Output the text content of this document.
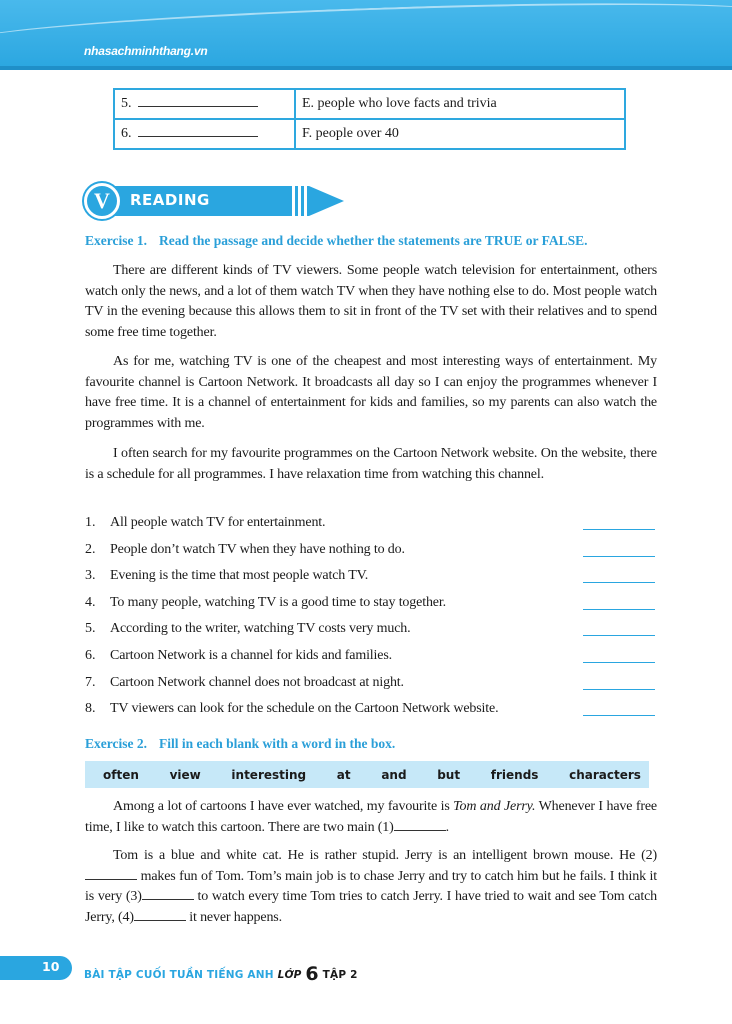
nhasachminhthang.vn
5.	E. people who love facts and trivia
6.	F. people over 40
V	READING
Exercise 1. Read the passage and decide whether the statements are TRUE or FALSE.

There are different kinds of TV viewers. Some people watch television for entertainment, others watch only the news, and a lot of them watch TV when they have nothing else to do. Most people watch TV in the evening because this allows them to sit in front of the TV set with their relatives and to spend some free time together.

As for me, watching TV is one of the cheapest and most interesting ways of entertainment. My favourite channel is Cartoon Network. It broadcasts all day so I can enjoy the programmes whenever I have free time. It is a channel of entertainment for kids and families, so my parents can also watch the programmes with me.

I often search for my favourite programmes on the Cartoon Network website. On the website, there is a schedule for all programmes. I have relaxation time from watching this channel.

1.	All people watch TV for entertainment.
2.	People don’t watch TV when they have nothing to do.
3.	Evening is the time that most people watch TV.
4.	To many people, watching TV is a good time to stay together.
5.	According to the writer, watching TV costs very much.
6.	Cartoon Network is a channel for kids and families.
7.	Cartoon Network channel does not broadcast at night.
8.	TV viewers can look for the schedule on the Cartoon Network website.
Exercise 2. Fill in each blank with a word in the box.
often	view	interesting	at	and	but	friends	characters

Among a lot of cartoons I have ever watched, my favourite is Tom and Jerry. Whenever I have free time, I like to watch this cartoon. There are two main (1)	.

Tom is a blue and white cat. He is rather stupid. Jerry is an intelligent brown mouse. He (2) makes fun of Tom. Tom’s main job is to chase Jerry and try to catch him but he fails. I think it is very (3)	to watch every time Tom tries to catch Jerry. I have tried to wait and see Tom catch Jerry, (4)	it never happens.

10
BÀI TẬP CUỐI TUẦN TIẾNG ANH LỚP 6 TẬP 2
